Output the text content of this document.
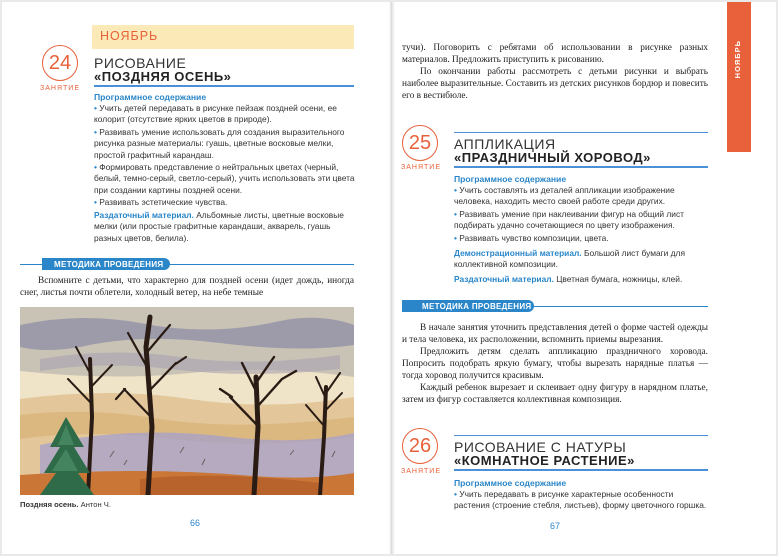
НОЯБРЬ
24
ЗАНЯТИЕ
РИСОВАНИЕ
«ПОЗДНЯЯ ОСЕНЬ»
Программное содержание
• Учить детей передавать в рисунке пейзаж поздней осени, ее колорит (отсутствие ярких цветов в природе).
• Развивать умение использовать для создания выразительного рисунка разные материалы: гуашь, цветные восковые мелки, простой графитный карандаш.
• Формировать представление о нейтральных цветах (черный, белый, темно-серый, светло-серый), учить использовать эти цвета при создании картины поздней осени.
• Развивать эстетические чувства.
Раздаточный материал. Альбомные листы, цветные восковые мелки (или простые графитные карандаши, акварель, гуашь разных цветов, белила).
МЕТОДИКА ПРОВЕДЕНИЯ
Вспомните с детьми, что характерно для поздней осени (идет дождь, иногда снег, листья почти облетели, холодный ветер, на небе темные
Поздняя осень. Антон Ч.
66
тучи). Поговорить с ребятами об использовании в рисунке разных материалов. Предложить приступить к рисованию.
По окончании работы рассмотреть с детьми рисунки и выбрать наиболее выразительные. Составить из детских рисунков бордюр и повесить его в вестибюле.
25
ЗАНЯТИЕ
АППЛИКАЦИЯ
«ПРАЗДНИЧНЫЙ ХОРОВОД»
Программное содержание
• Учить составлять из деталей аппликации изображение человека, находить место своей работе среди других.
• Развивать умение при наклеивании фигур на общий лист подбирать удачно сочетающиеся по цвету изображения.
• Развивать чувство композиции, цвета.
Демонстрационный материал. Большой лист бумаги для коллективной композиции.
Раздаточный материал. Цветная бумага, ножницы, клей.
МЕТОДИКА ПРОВЕДЕНИЯ
В начале занятия уточнить представления детей о форме частей одежды и тела человека, их расположении, вспомнить приемы вырезания.
Предложить детям сделать аппликацию праздничного хоровода. Попросить подобрать яркую бумагу, чтобы вырезать нарядные платья — тогда хоровод получится красивым.
Каждый ребенок вырезает и склеивает одну фигуру в нарядном платье, затем из фигур составляется коллективная композиция.
26
ЗАНЯТИЕ
РИСОВАНИЕ С НАТУРЫ
«КОМНАТНОЕ РАСТЕНИЕ»
Программное содержание
• Учить передавать в рисунке характерные особенности растения (строение стебля, листьев), форму цветочного горшка.
67
НОЯБРЬ
